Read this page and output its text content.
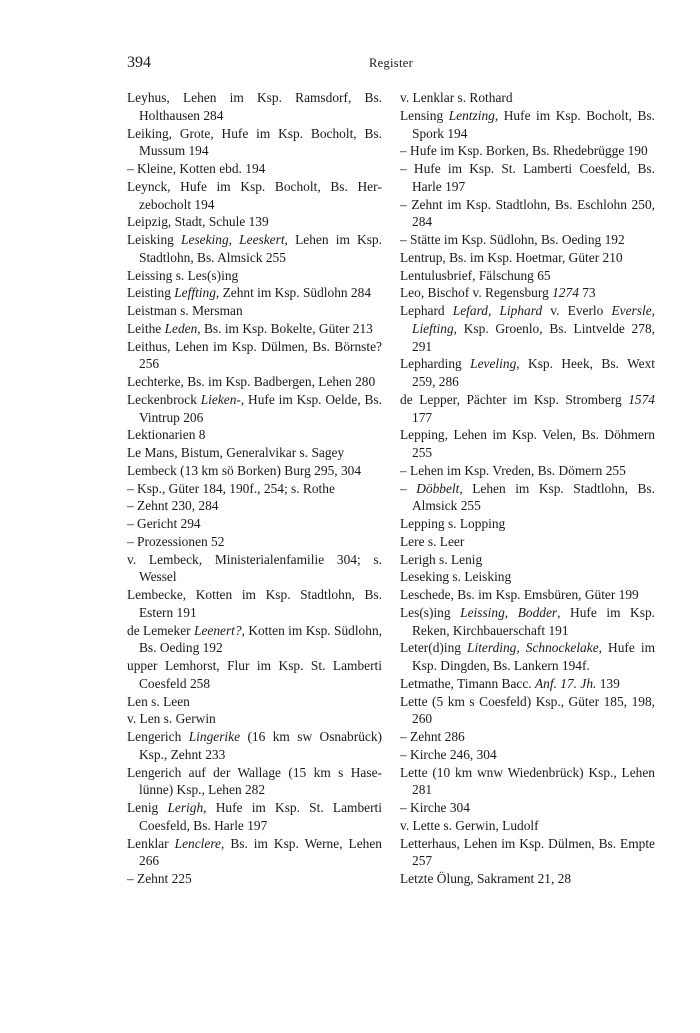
394	Register
Leyhus, Lehen im Ksp. Ramsdorf, Bs. Holthausen 284
Leiking, Grote, Hufe im Ksp. Bocholt, Bs. Mussum 194
– Kleine, Kotten ebd. 194
Leynck, Hufe im Ksp. Bocholt, Bs. Herzebocholt 194
Leipzig, Stadt, Schule 139
Leisking Leseking, Leeskert, Lehen im Ksp. Stadtlohn, Bs. Almsick 255
Leissing s. Les(s)ing
Leisting Leffting, Zehnt im Ksp. Südlohn 284
Leistman s. Mersman
Leithe Leden, Bs. im Ksp. Bokelte, Güter 213
Leithus, Lehen im Ksp. Dülmen, Bs. Börnste? 256
Lechterke, Bs. im Ksp. Badbergen, Lehen 280
Leckenbrock Lieken-, Hufe im Ksp. Oelde, Bs. Vintrup 206
Lektionarien 8
Le Mans, Bistum, Generalvikar s. Sagey
Lembeck (13 km sö Borken) Burg 295, 304
– Ksp., Güter 184, 190f., 254; s. Rothe
– Zehnt 230, 284
– Gericht 294
– Prozessionen 52
v. Lembeck, Ministerialenfamilie 304; s. Wessel
Lembecke, Kotten im Ksp. Stadtlohn, Bs. Estern 191
de Lemeker Leenert?, Kotten im Ksp. Südlohn, Bs. Oeding 192
upper Lemhorst, Flur im Ksp. St. Lamberti Coesfeld 258
Len s. Leen
v. Len s. Gerwin
Lengerich Lingerike (16 km sw Osnabrück) Ksp., Zehnt 233
Lengerich auf der Wallage (15 km s Haselünne) Ksp., Lehen 282
Lenig Lerigh, Hufe im Ksp. St. Lamberti Coesfeld, Bs. Harle 197
Lenklar Lenclere, Bs. im Ksp. Werne, Lehen 266
– Zehnt 225
v. Lenklar s. Rothard
Lensing Lentzing, Hufe im Ksp. Bocholt, Bs. Spork 194
– Hufe im Ksp. Borken, Bs. Rhedebrügge 190
– Hufe im Ksp. St. Lamberti Coesfeld, Bs. Harle 197
– Zehnt im Ksp. Stadtlohn, Bs. Eschlohn 250, 284
– Stätte im Ksp. Südlohn, Bs. Oeding 192
Lentrup, Bs. im Ksp. Hoetmar, Güter 210
Lentulusbrief, Fälschung 65
Leo, Bischof v. Regensburg 1274 73
Lephard Lefard, Liphard v. Everlo Eversle, Liefting, Ksp. Groenlo, Bs. Lintvelde 278, 291
Lepharding Leveling, Ksp. Heek, Bs. Wext 259, 286
de Lepper, Pächter im Ksp. Stromberg 1574 177
Lepping, Lehen im Ksp. Velen, Bs. Döhmern 255
– Lehen im Ksp. Vreden, Bs. Dömern 255
– Döbbelt, Lehen im Ksp. Stadtlohn, Bs. Almsick 255
Lepping s. Lopping
Lere s. Leer
Lerigh s. Lenig
Leseking s. Leisking
Leschede, Bs. im Ksp. Emsbüren, Güter 199
Les(s)ing Leissing, Bodder, Hufe im Ksp. Reken, Kirchbauerschaft 191
Leter(d)ing Literding, Schnockelake, Hufe im Ksp. Dingden, Bs. Lankern 194f.
Letmathe, Timann Bacc. Anf. 17. Jh. 139
Lette (5 km s Coesfeld) Ksp., Güter 185, 198, 260
– Zehnt 286
– Kirche 246, 304
Lette (10 km wnw Wiedenbrück) Ksp., Lehen 281
– Kirche 304
v. Lette s. Gerwin, Ludolf
Letterhaus, Lehen im Ksp. Dülmen, Bs. Empte 257
Letzte Ölung, Sakrament 21, 28
